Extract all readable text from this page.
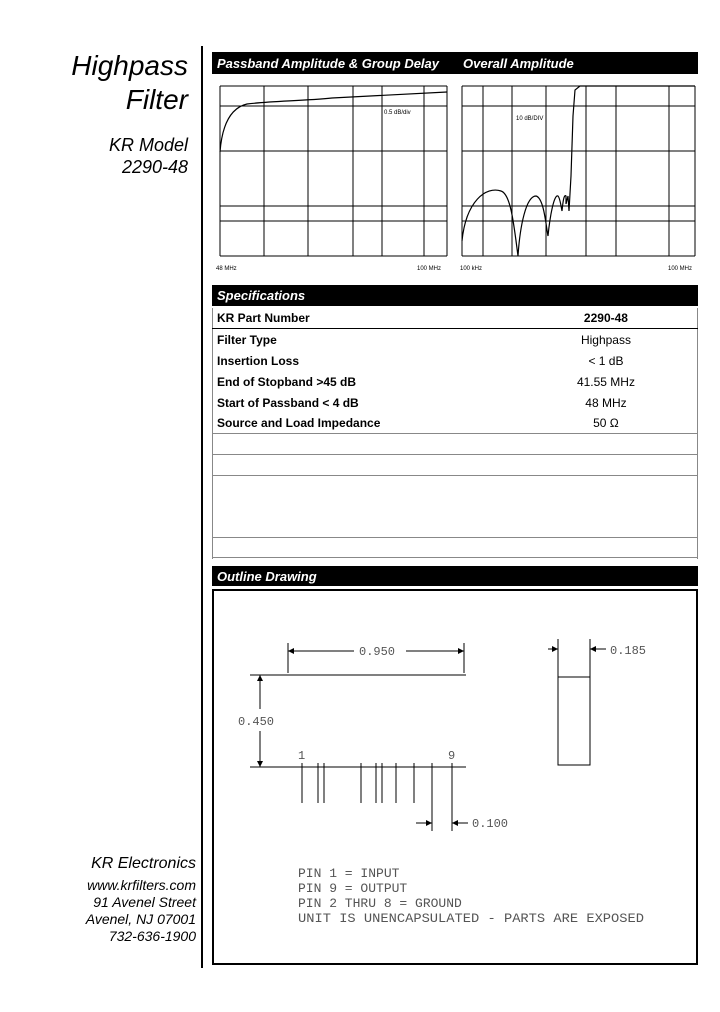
Highpass
Filter
KR Model
2290-48
Passband Amplitude & Group Delay	Overall Amplitude
0.5 dB/div
48 MHz	100 MHz
10 dB/DIV
100 kHz	100 MHz
Specifications
KR Part Number	2290-48
Filter Type	Highpass
Insertion Loss	< 1 dB
End of Stopband >45 dB	41.55 MHz
Start of Passband < 4 dB	48 MHz
Source and Load Impedance	50 Ω
Outline Drawing
0.950
0.450
0.185
0.100
1	9
PIN 1 = INPUT
PIN 9 = OUTPUT
PIN 2 THRU 8 = GROUND
UNIT IS UNENCAPSULATED - PARTS ARE EXPOSED
KR Electronics
www.krfilters.com
91 Avenel Street
Avenel, NJ 07001
732-636-1900
